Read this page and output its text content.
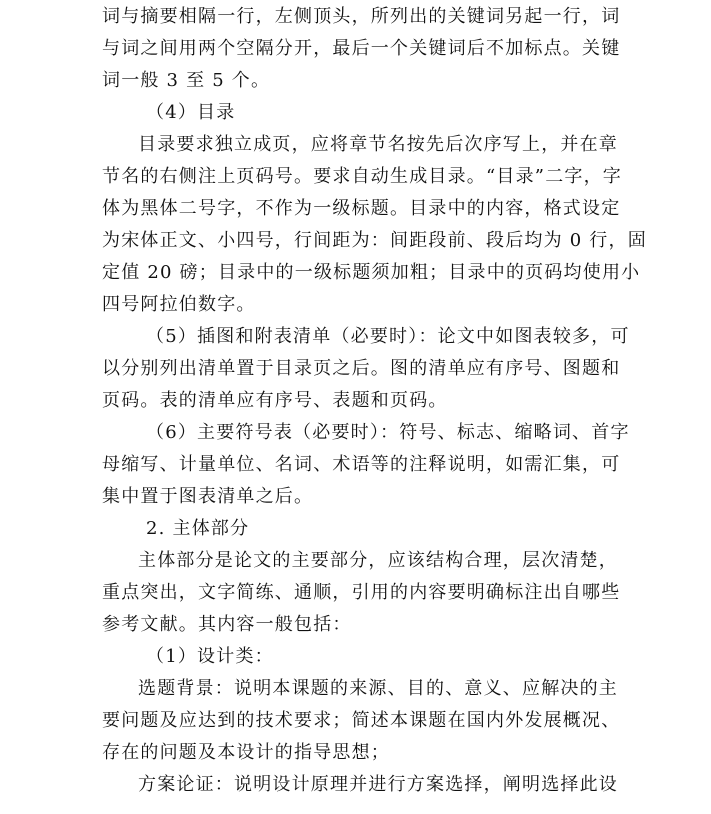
词与摘要相隔一行，左侧顶头，所列出的关键词另起一行，词
与词之间用两个空隔分开，最后一个关键词后不加标点。关键
词一般 3 至 5 个。
（4）目录
目录要求独立成页，应将章节名按先后次序写上，并在章
节名的右侧注上页码号。要求自动生成目录。“目录”二字，字
体为黑体二号字，不作为一级标题。目录中的内容，格式设定
为宋体正文、小四号，行间距为：间距段前、段后均为 0 行，固
定值 20 磅；目录中的一级标题须加粗；目录中的页码均使用小
四号阿拉伯数字。
（5）插图和附表清单（必要时）：论文中如图表较多，可
以分别列出清单置于目录页之后。图的清单应有序号、图题和
页码。表的清单应有序号、表题和页码。
（6）主要符号表（必要时）：符号、标志、缩略词、首字
母缩写、计量单位、名词、术语等的注释说明，如需汇集，可
集中置于图表清单之后。
2. 主体部分
主体部分是论文的主要部分，应该结构合理，层次清楚，
重点突出，文字简练、通顺，引用的内容要明确标注出自哪些
参考文献。其内容一般包括：
（1）设计类：
选题背景：说明本课题的来源、目的、意义、应解决的主
要问题及应达到的技术要求；简述本课题在国内外发展概况、
存在的问题及本设计的指导思想；
方案论证：说明设计原理并进行方案选择，阐明选择此设
